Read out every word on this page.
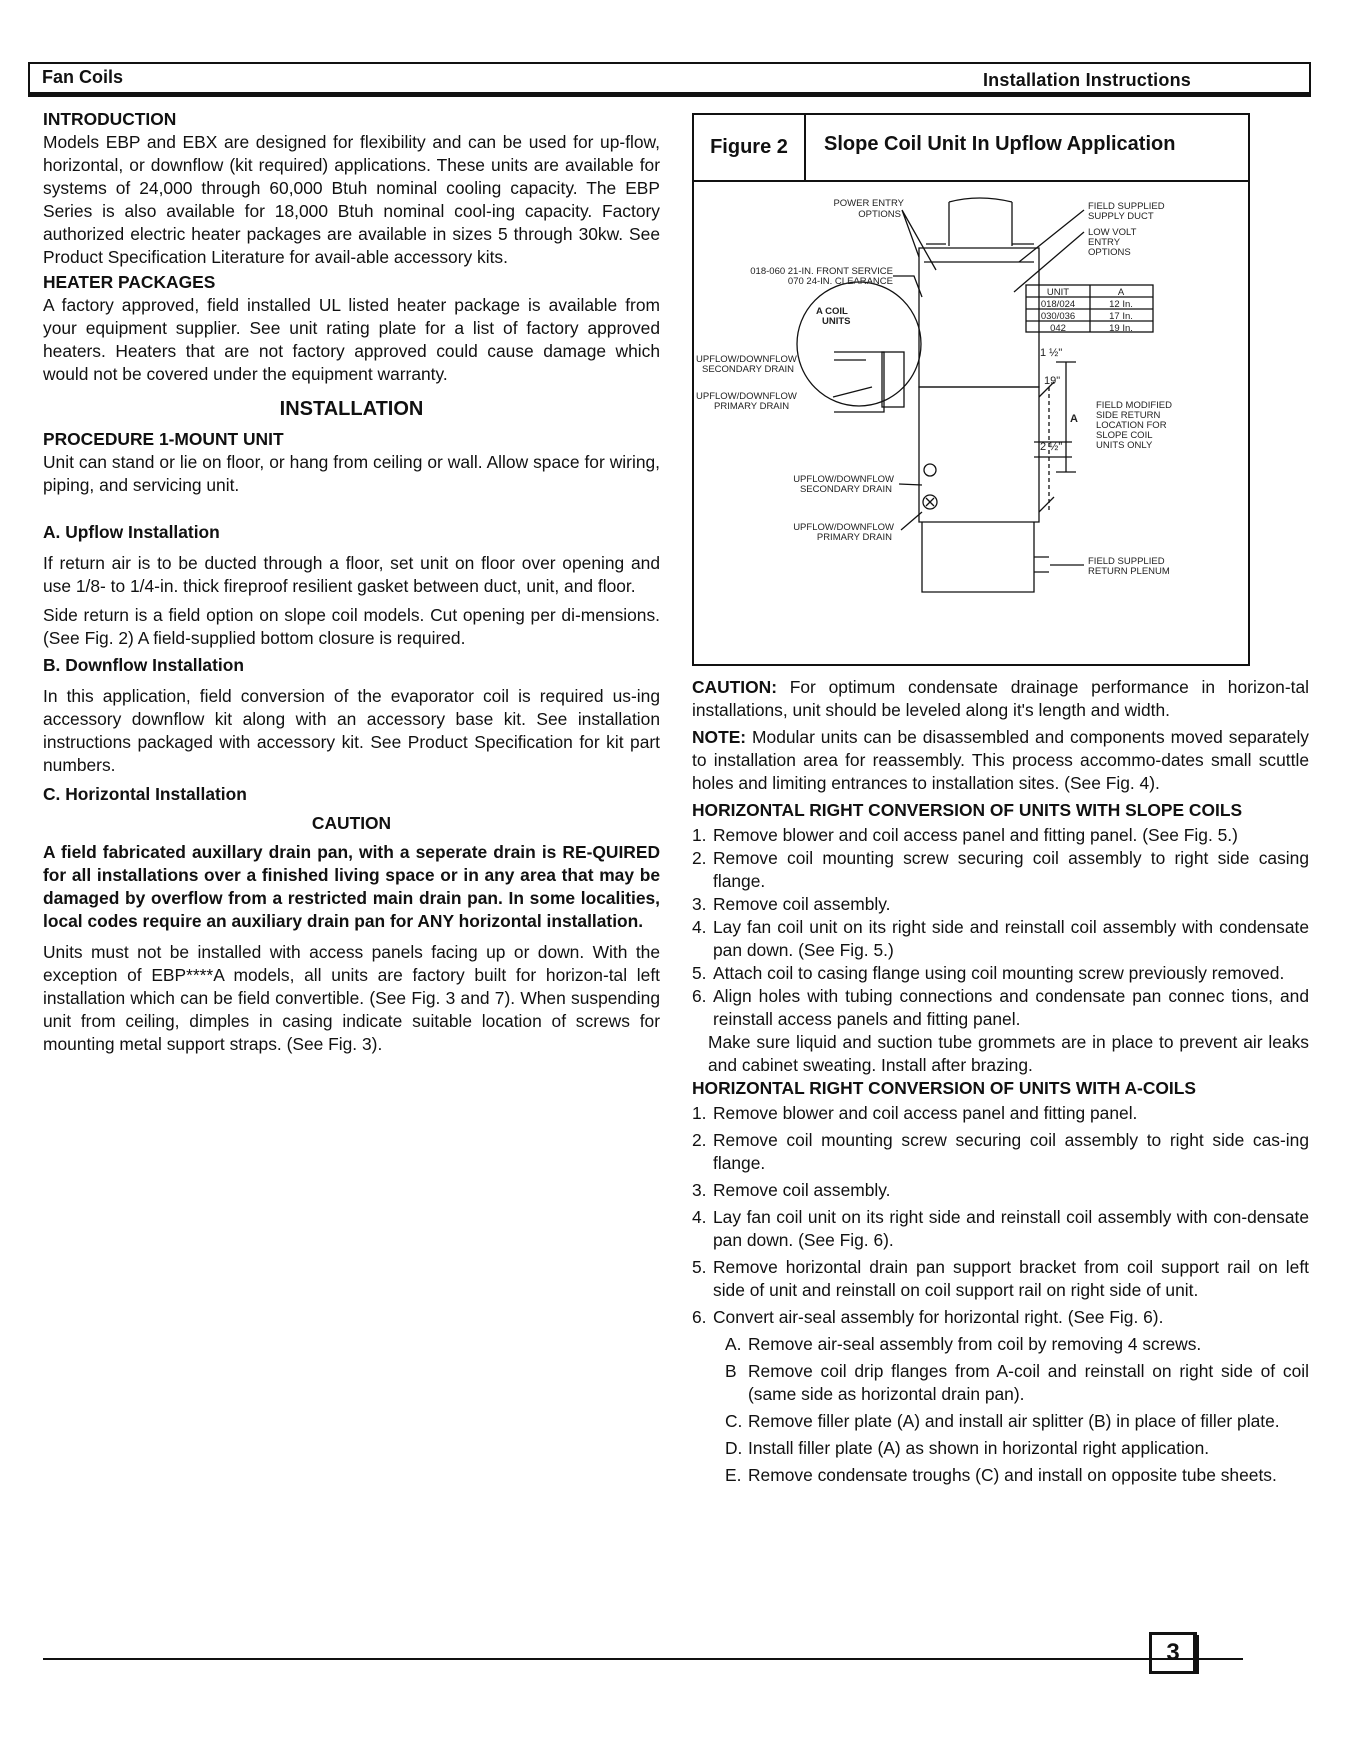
Fan Coils	Installation Instructions
INTRODUCTION

Models EBP and EBX are designed for flexibility and can be used for up-flow, horizontal, or downflow (kit required) applications. These units are available for systems of 24,000 through 60,000 Btuh nominal cooling capacity. The EBP Series is also available for 18,000 Btuh nominal cool-ing capacity. Factory authorized electric heater packages are available in sizes 5 through 30kw. See Product Specification Literature for avail-able accessory kits.

HEATER PACKAGES

A factory approved, field installed UL listed heater package is available from your equipment supplier. See unit rating plate for a list of factory approved heaters. Heaters that are not factory approved could cause damage which would not be covered under the equipment warranty.

INSTALLATION
PROCEDURE 1-MOUNT UNIT

Unit can stand or lie on floor, or hang from ceiling or wall. Allow space for wiring, piping, and servicing unit.

A. Upflow Installation

If return air is to be ducted through a floor, set unit on floor over opening and use 1/8- to 1/4-in. thick fireproof resilient gasket between duct, unit, and floor.

Side return is a field option on slope coil models. Cut opening per di-mensions. (See Fig. 2) A field-supplied bottom closure is required.

B. Downflow Installation

In this application, field conversion of the evaporator coil is required us-ing accessory downflow kit along with an accessory base kit. See installation instructions packaged with accessory kit. See Product Specification for kit part numbers.

C. Horizontal Installation
CAUTION

A field fabricated auxillary drain pan, with a seperate drain is RE-QUIRED for all installations over a finished living space or in any area that may be damaged by overflow from a restricted main drain pan. In some localities, local codes require an auxiliary drain pan for ANY horizontal installation.

Units must not be installed with access panels facing up or down. With the exception of EBP****A models, all units are factory built for horizon-tal left installation which can be field convertible. (See Fig. 3 and 7). When suspending unit from ceiling, dimples in casing indicate suitable location of screws for mounting metal support straps. (See Fig. 3).

Figure 2	Slope Coil Unit In Upflow Application
POWER ENTRY
OPTIONS
FIELD SUPPLIED
SUPPLY DUCT
LOW VOLT
ENTRY
OPTIONS
018-060 21-IN. FRONT SERVICE
070 24-IN. CLEARANCE
A COIL
UNITS
UPFLOW/DOWNFLOW
SECONDARY DRAIN
UPFLOW/DOWNFLOW
PRIMARY DRAIN
UPFLOW/DOWNFLOW
SECONDARY DRAIN
UPFLOW/DOWNFLOW
PRIMARY DRAIN
UNIT	A
018/024	12 In.
030/036	17 In.
042	19 In.
1 ½"
19"
2 ½"
A
FIELD MODIFIED
SIDE RETURN
LOCATION FOR
SLOPE COIL
UNITS ONLY
FIELD SUPPLIED
RETURN PLENUM

CAUTION: For optimum condensate drainage performance in horizon-tal installations, unit should be leveled along it's length and width.

NOTE: Modular units can be disassembled and components moved separately to installation area for reassembly. This process accommo-dates small scuttle holes and limiting entrances to installation sites. (See Fig. 4).

HORIZONTAL RIGHT CONVERSION OF UNITS WITH SLOPE COILS
1. Remove blower and coil access panel and fitting panel. (See Fig. 5.)
2. Remove coil mounting screw securing coil assembly to right side casing flange.
3. Remove coil assembly.
4. Lay fan coil unit on its right side and reinstall coil assembly with condensate pan down. (See Fig. 5.)
5. Attach coil to casing flange using coil mounting screw previously removed.
6. Align holes with tubing connections and condensate pan connec tions, and reinstall access panels and fitting panel.

Make sure liquid and suction tube grommets are in place to prevent air leaks and cabinet sweating. Install after brazing.

HORIZONTAL RIGHT CONVERSION OF UNITS WITH A-COILS
1. Remove blower and coil access panel and fitting panel.
2. Remove coil mounting screw securing coil assembly to right side cas-ing flange.
3. Remove coil assembly.
4. Lay fan coil unit on its right side and reinstall coil assembly with con-densate pan down. (See Fig. 6).
5. Remove horizontal drain pan support bracket from coil support rail on left side of unit and reinstall on coil support rail on right side of unit.
6. Convert air-seal assembly for horizontal right. (See Fig. 6).
A. Remove air-seal assembly from coil by removing 4 screws.
B Remove coil drip flanges from A-coil and reinstall on right side of coil (same side as horizontal drain pan).
C. Remove filler plate (A) and install air splitter (B) in place of filler plate.
D. Install filler plate (A) as shown in horizontal right application.
E. Remove condensate troughs (C) and install on opposite tube sheets.
3
